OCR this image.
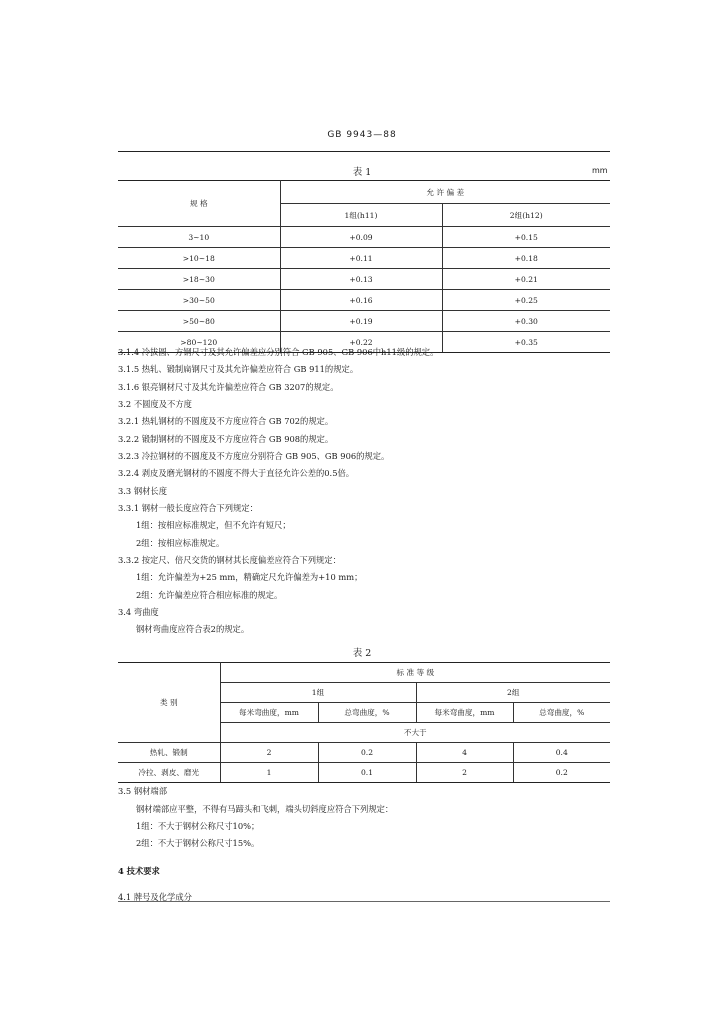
GB 9943—88
表 1	mm
规 格	允 许 偏 差	
	1组(h11)	2组(h12)
3~10	+0.09	+0.15
>10~18	+0.11	+0.18
>18~30	+0.13	+0.21
>30~50	+0.16	+0.25
>50~80	+0.19	+0.30
>80~120	+0.22	+0.35
3.1.4 冷拔圆、方钢尺寸及其允许偏差应分别符合 GB 905、GB 906中h11级的规定。
3.1.5 热轧、锻制扁钢尺寸及其允许偏差应符合 GB 911的规定。
3.1.6 银亮钢材尺寸及其允许偏差应符合 GB 3207的规定。
3.2 不圆度及不方度
3.2.1 热轧钢材的不圆度及不方度应符合 GB 702的规定。
3.2.2 锻制钢材的不圆度及不方度应符合 GB 908的规定。
3.2.3 冷拉钢材的不圆度及不方度应分别符合 GB 905、GB 906的规定。
3.2.4 剥皮及磨光钢材的不圆度不得大于直径允许公差的0.5倍。
3.3 钢材长度
3.3.1 钢材一般长度应符合下列规定：
1组：按相应标准规定，但不允许有短尺；
2组：按相应标准规定。
3.3.2 按定尺、倍尺交货的钢材其长度偏差应符合下列规定：
1组：允许偏差为+25 mm，精确定尺允许偏差为+10 mm；
2组：允许偏差应符合相应标准的规定。
3.4 弯曲度
钢材弯曲度应符合表2的规定。
表 2
类 别	标 准 等 级			
	1组		2组	
	每米弯曲度，mm	总弯曲度，%	每米弯曲度，mm	总弯曲度，%
	不大于			
热轧、锻制	2	0.2	4	0.4
冷拉、剥皮、磨光	1	0.1	2	0.2
3.5 钢材端部
钢材端部应平整，不得有马蹄头和飞刺，端头切斜度应符合下列规定：
1组：不大于钢材公称尺寸10%；
2组：不大于钢材公称尺寸15%。
4 技术要求
4.1 牌号及化学成分
